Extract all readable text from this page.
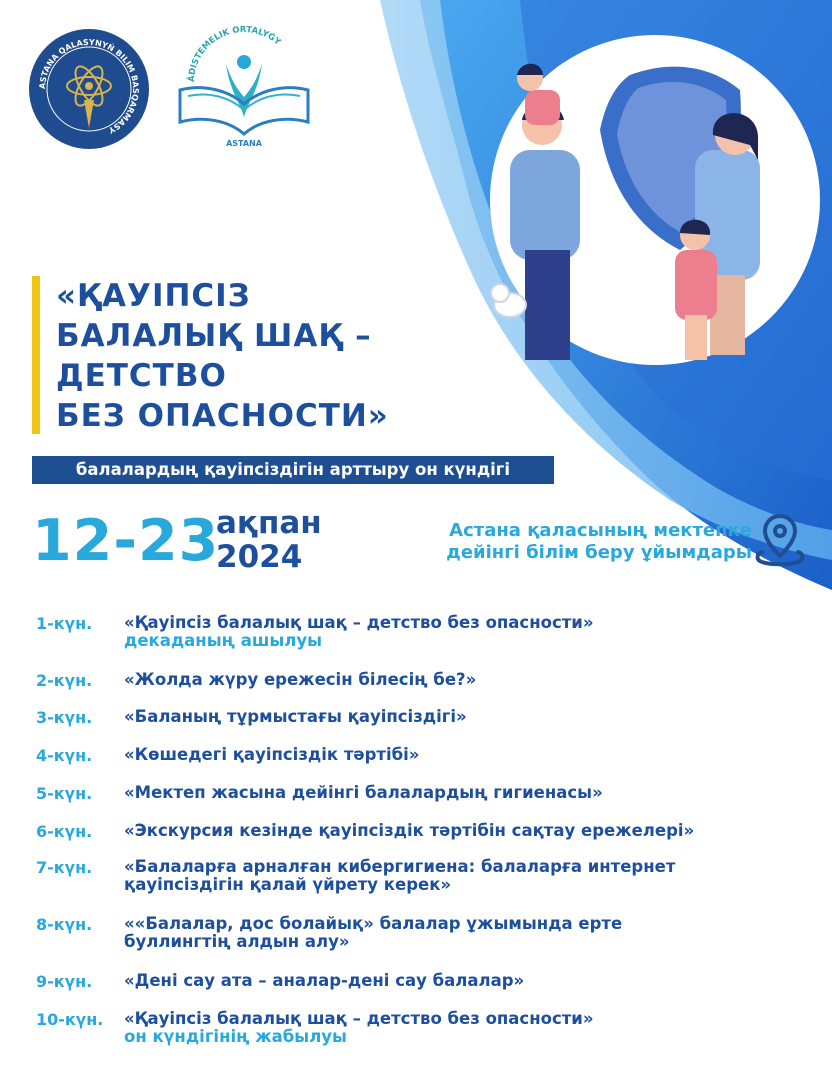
ASTANA QALASYNYŃ BILIM BASQARMASY
ÁDISTEMELIK ORTALYǴY
ASTANA
«ҚАУІПСІЗ
БАЛАЛЫҚ ШАҚ –
ДЕТСТВО
БЕЗ ОПАСНОСТИ»
балалардың қауіпсіздігін арттыру он күндігі
12-23
ақпан
2024
Астана қаласының мектепке
дейінгі білім беру ұйымдары
1-күн.	«Қауіпсіз балалық шақ – детство без опасности»
декаданың ашылуы
2-күн.	«Жолда жүру ережесін білесің бе?»
3-күн.	«Баланың тұрмыстағы қауіпсіздігі»
4-күн.	«Көшедегі қауіпсіздік тәртібі»
5-күн.	«Мектеп жасына дейінгі балалардың гигиенасы»
6-күн.	«Экскурсия кезінде қауіпсіздік тәртібін сақтау ережелері»
7-күн.	«Балаларға арналған кибергигиена: балаларға интернет
қауіпсіздігін қалай үйрету керек»
8-күн.	««Балалар, дос болайық» балалар ұжымында ерте
буллингтің алдын алу»
9-күн.	«Дені сау ата – аналар-дені сау балалар»
10-күн.	«Қауіпсіз балалық шақ – детство без опасности»
он күндігінің жабылуы
